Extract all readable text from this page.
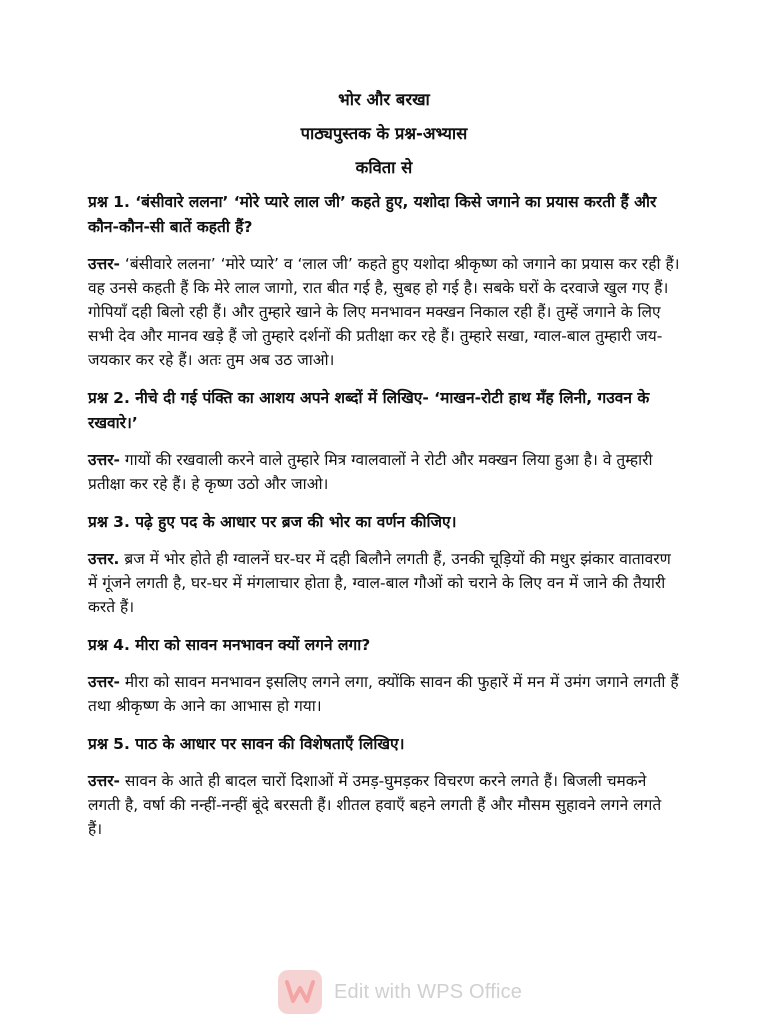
भोर और बरखा
पाठ्यपुस्तक के प्रश्न-अभ्यास
कविता से

प्रश्न 1. ‘बंसीवारे ललना’ ‘मोरे प्यारे लाल जी’ कहते हुए, यशोदा किसे जगाने का प्रयास करती हैं और कौन-कौन-सी बातें कहती हैं?

उत्तर- ‘बंसीवारे ललना’ ‘मोरे प्यारे’ व ‘लाल जी’ कहते हुए यशोदा श्रीकृष्ण को जगाने का प्रयास कर रही हैं। वह उनसे कहती हैं कि मेरे लाल जागो, रात बीत गई है, सुबह हो गई है। सबके घरों के दरवाजे खुल गए हैं। गोपियाँ दही बिलो रही हैं। और तुम्हारे खाने के लिए मनभावन मक्खन निकाल रही हैं। तुम्हें जगाने के लिए सभी देव और मानव खड़े हैं जो तुम्हारे दर्शनों की प्रतीक्षा कर रहे हैं। तुम्हारे सखा, ग्वाल-बाल तुम्हारी जय-जयकार कर रहे हैं। अतः तुम अब उठ जाओ।

प्रश्न 2. नीचे दी गई पंक्ति का आशय अपने शब्दों में लिखिए- ‘माखन-रोटी हाथ मँह लिनी, गउवन के रखवारे।’

उत्तर- गायों की रखवाली करने वाले तुम्हारे मित्र ग्वालवालों ने रोटी और मक्खन लिया हुआ है। वे तुम्हारी प्रतीक्षा कर रहे हैं। हे कृष्ण उठो और जाओ।

प्रश्न 3. पढ़े हुए पद के आधार पर ब्रज की भोर का वर्णन कीजिए।

उत्तर. ब्रज में भोर होते ही ग्वालनें घर-घर में दही बिलौने लगती हैं, उनकी चूड़ियों की मधुर झंकार वातावरण में गूंजने लगती है, घर-घर में मंगलाचार होता है, ग्वाल-बाल गौओं को चराने के लिए वन में जाने की तैयारी करते हैं।

प्रश्न 4. मीरा को सावन मनभावन क्यों लगने लगा?

उत्तर- मीरा को सावन मनभावन इसलिए लगने लगा, क्योंकि सावन की फुहारें में मन में उमंग जगाने लगती हैं तथा श्रीकृष्ण के आने का आभास हो गया।

प्रश्न 5. पाठ के आधार पर सावन की विशेषताएँ लिखिए।

उत्तर- सावन के आते ही बादल चारों दिशाओं में उमड़-घुमड़कर विचरण करने लगते हैं। बिजली चमकने लगती है, वर्षा की नन्हीं-नन्हीं बूंदे बरसती हैं। शीतल हवाएँ बहने लगती हैं और मौसम सुहावने लगने लगते हैं।

Edit with WPS Office
